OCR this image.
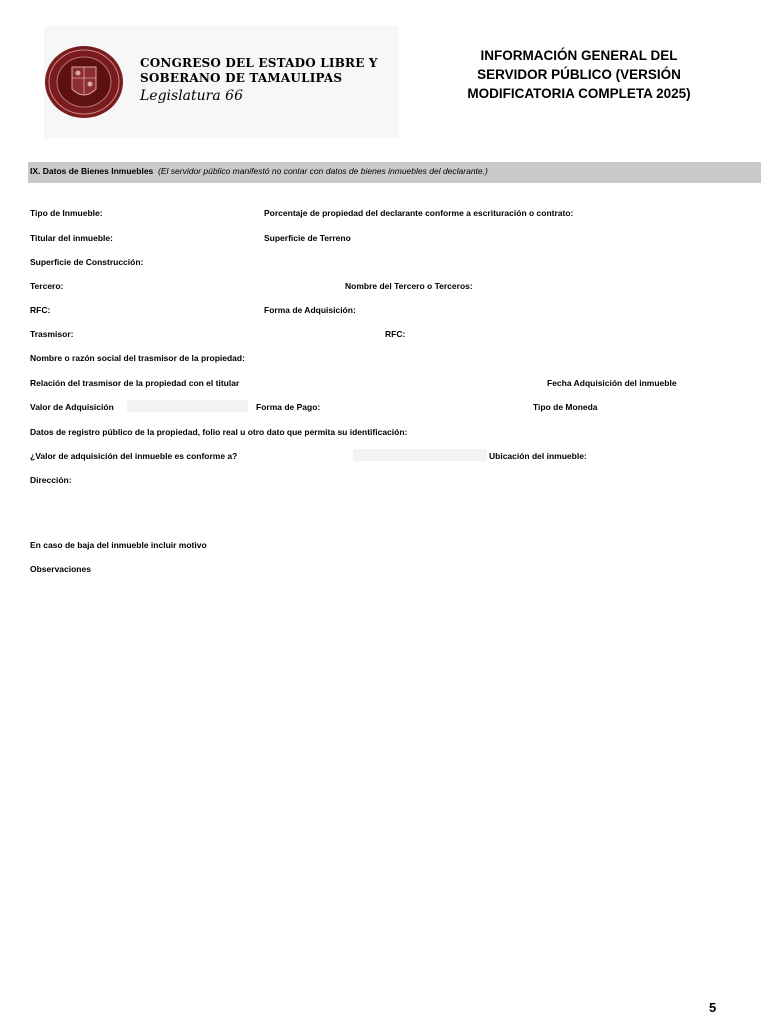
CONGRESO DEL ESTADO LIBRE Y
SOBERANO DE TAMAULIPAS
Legislatura 66
INFORMACIÓN GENERAL DEL SERVIDOR PÚBLICO (VERSIÓN MODIFICATORIA COMPLETA 2025)
IX. Datos de Bienes Inmuebles (El servidor público manifestó no contar con datos de bienes inmuebles del declarante.)
Tipo de Inmueble:	Porcentaje de propiedad del declarante conforme a escrituración o contrato:
Titular del inmueble:	Superficie de Terreno
Superficie de Construcción:
Tercero:	Nombre del Tercero o Terceros:
RFC:	Forma de Adquisición:
Trasmisor:	RFC:
Nombre o razón social del trasmisor de la propiedad:
Relación del trasmisor de la propiedad con el titular	Fecha Adquisición del inmueble
Valor de Adquisición	Forma de Pago:	Tipo de Moneda
Datos de registro público de la propiedad, folio real u otro dato que permita su identificación:
¿Valor de adquisición del inmueble es conforme a?	Ubicación del inmueble:
Dirección:
En caso de baja del inmueble incluir motivo
Observaciones
5
